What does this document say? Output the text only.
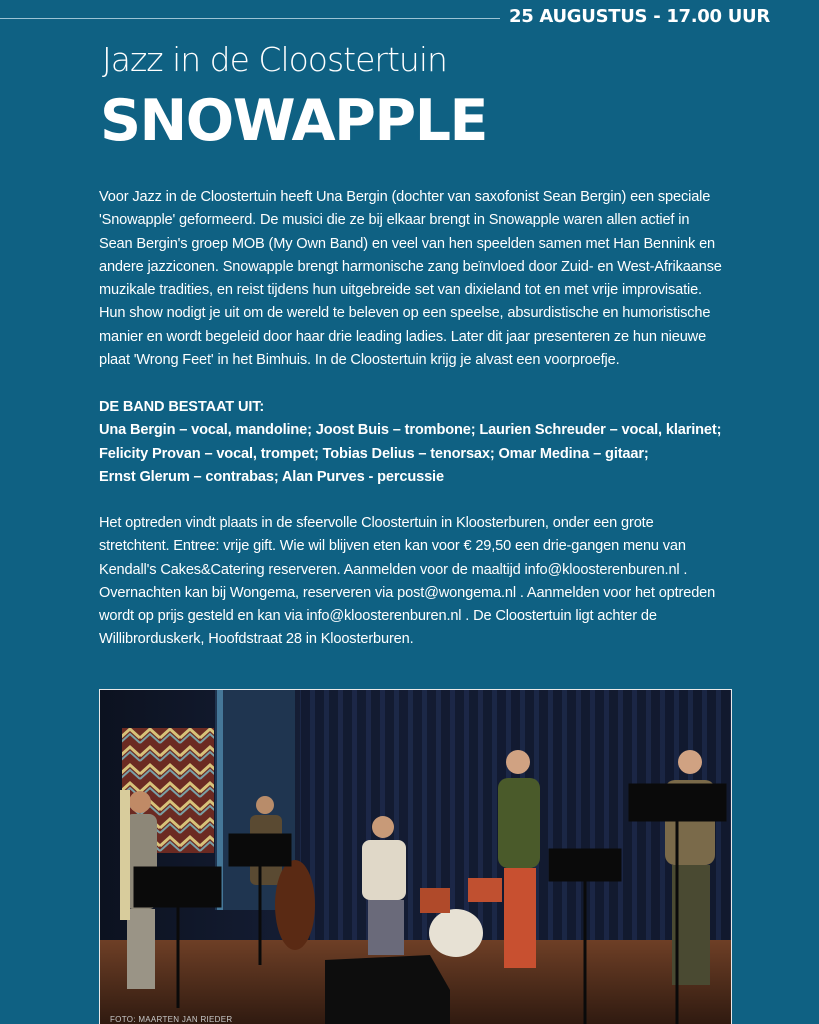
25 AUGUSTUS - 17.00 UUR
Jazz in de Cloostertuin
SNOWAPPLE

Voor Jazz in de Cloostertuin heeft Una Bergin (dochter van saxofonist Sean Bergin) een speciale

'Snowapple' geformeerd. De musici die ze bij elkaar brengt in Snowapple waren allen actief in

Sean Bergin's groep MOB (My Own Band) en veel van hen speelden samen met Han Bennink en

andere jazziconen. Snowapple brengt harmonische zang beïnvloed door Zuid- en West-Afrikaanse

muzikale tradities, en reist tijdens hun uitgebreide set van dixieland tot en met vrije improvisatie.

Hun show nodigt je uit om de wereld te beleven op een speelse, absurdistische en humoristische

manier en wordt begeleid door haar drie leading ladies. Later dit jaar presenteren ze hun nieuwe

plaat 'Wrong Feet' in het Bimhuis. In de Cloostertuin krijg je alvast een voorproefje.

DE BAND BESTAAT UIT:

Una Bergin – vocal, mandoline; Joost Buis – trombone; Laurien Schreuder – vocal, klarinet;

Felicity Provan – vocal, trompet; Tobias Delius – tenorsax; Omar Medina – gitaar;

Ernst Glerum – contrabas; Alan Purves - percussie

Het optreden vindt plaats in de sfeervolle Cloostertuin in Kloosterburen, onder een grote

stretchtent. Entree: vrije gift. Wie wil blijven eten kan voor € 29,50 een drie-gangen menu van

Kendall's Cakes&Catering reserveren. Aanmelden voor de maaltijd info@kloosterenburen.nl .

Overnachten kan bij Wongema, reserveren via post@wongema.nl . Aanmelden voor het optreden

wordt op prijs gesteld en kan via info@kloosterenburen.nl . De Cloostertuin ligt achter de

Willibrorduskerk, Hoofdstraat 28 in Kloosterburen.

FOTO: MAARTEN JAN RIEDER
